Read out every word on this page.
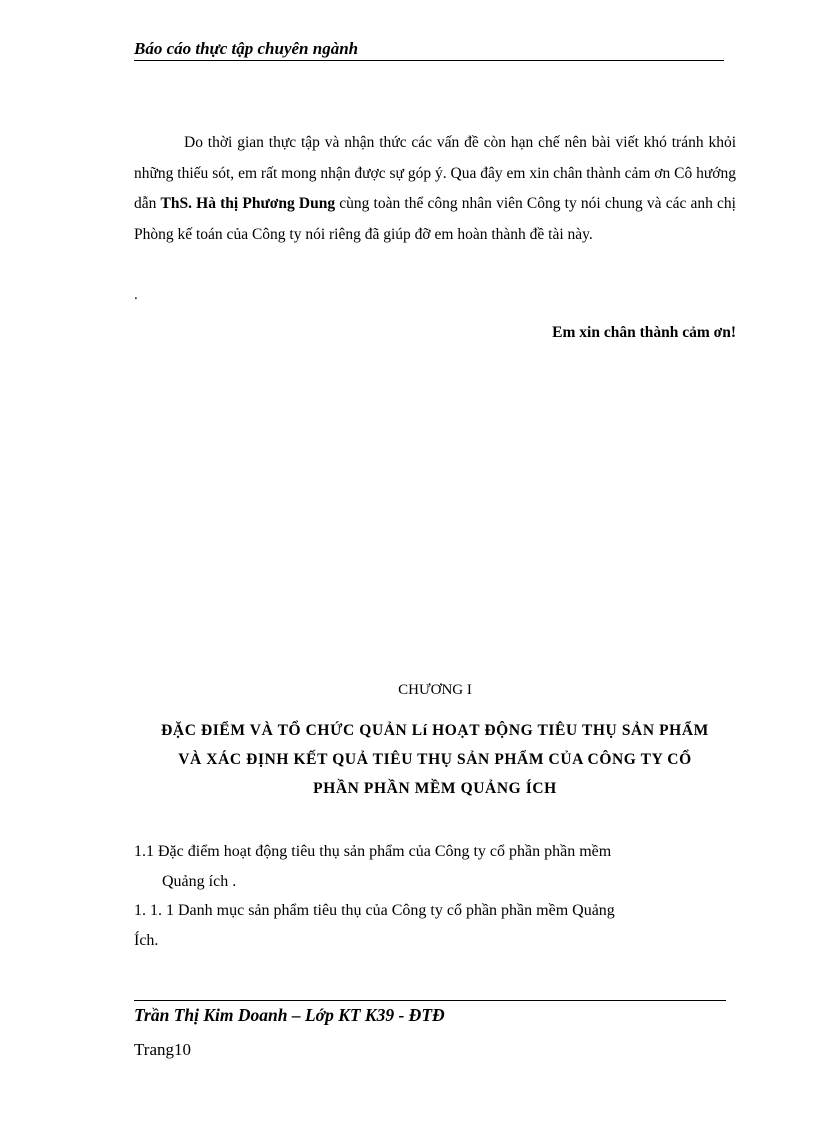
Báo cáo thực tập chuyên ngành

Do thời gian thực tập và nhận thức các vấn đề còn hạn chế nên bài viết khó tránh khỏi những thiếu sót, em rất mong nhận được sự góp ý. Qua đây em xin chân thành cảm ơn Cô hướng dẫn ThS. Hà thị Phương Dung cùng toàn thể công nhân viên Công ty nói chung và các anh chị Phòng kế toán của Công ty nói riêng đã giúp đỡ em hoàn thành đề tài này.

.
Em xin chân thành cảm ơn!
CHƯƠNG I
ĐẶC ĐIỂM VÀ TỔ CHỨC QUẢN Lí HOẠT ĐỘNG TIÊU THỤ SẢN PHẨM
VÀ XÁC ĐỊNH KẾT QUẢ TIÊU THỤ SẢN PHẨM CỦA CÔNG TY CỔ
PHẦN PHẦN MỀM QUẢNG ÍCH
1.1 Đặc điểm hoạt động tiêu thụ sản phẩm của Công ty cổ phần phần mềm
Quảng ích .
1. 1. 1 Danh mục sản phẩm tiêu thụ của Công ty cổ phần phần mềm Quảng
Ích.
Trần Thị Kim Doanh – Lớp KT K39 - ĐTĐ
Trang10
